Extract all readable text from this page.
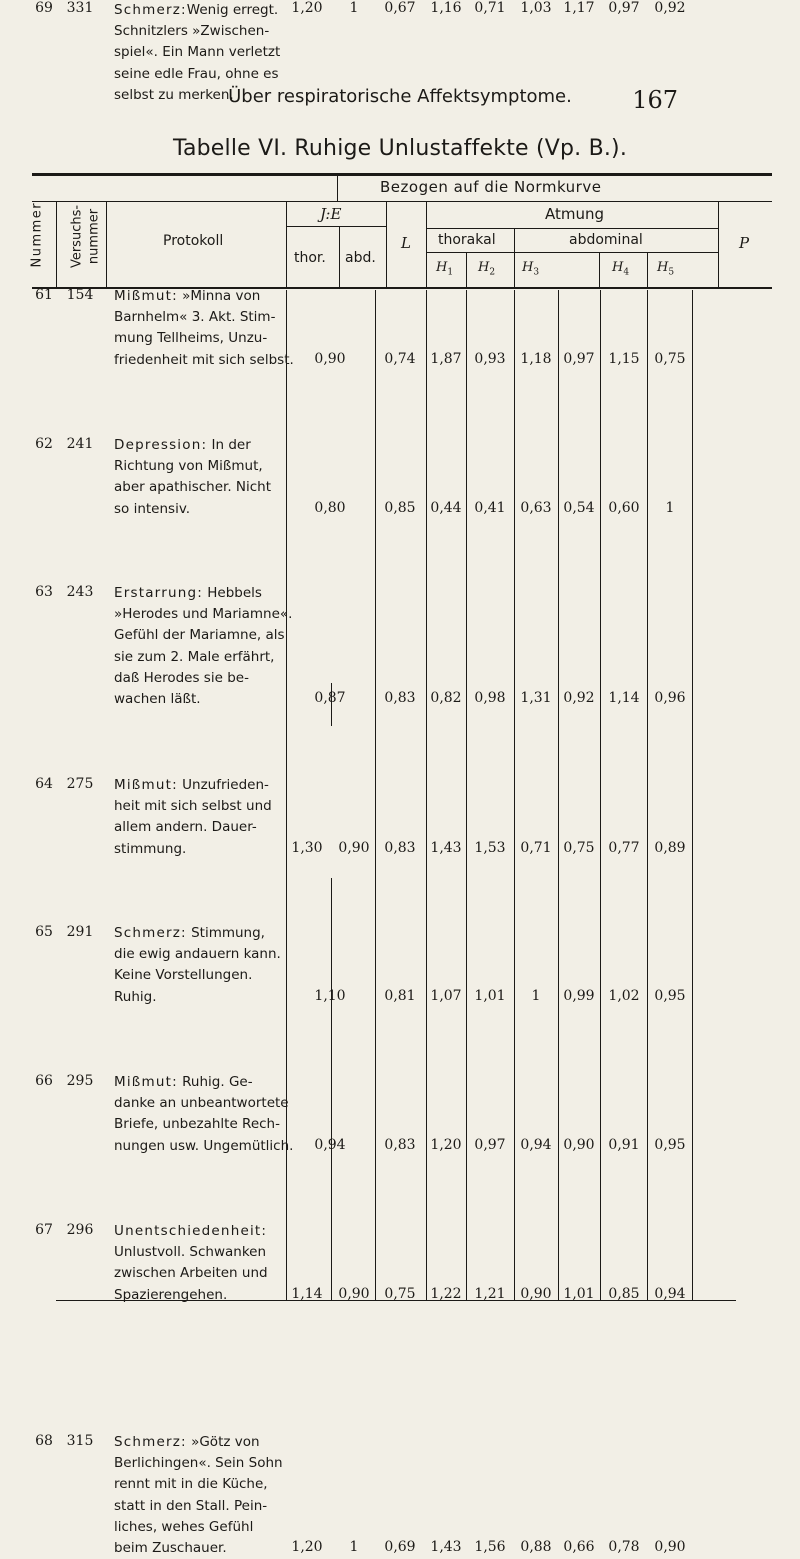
Über respiratorische Affektsymptome.	167
Tabelle VI. Ruhige Unlustaffekte (Vp. B.).
Bezogen auf die Normkurve
Nummer Versuchs- nummer	Protokoll
J:E
thor. abd.
L
Atmung
thorakal	abdominal	P
$H_1$ $H_2$ $H_3$	$H_4$ $H_5$
61 154	Mißmut: »Minna von
Barnhelm« 3. Akt. Stim-
mung Tellheims, Unzu-
friedenheit mit sich selbst.	0,90	0,74	1,87 0,93	1,18 0,97 1,15	0,75
62 241	Depression: In der
Richtung von Mißmut,
aber apathischer. Nicht
so intensiv.	0,80	0,85	0,44 0,41	0,63 0,54 0,60	1
63 243	Erstarrung: Hebbels
»Herodes und Mariamne«.
Gefühl der Mariamne, als
sie zum 2. Male erfährt,
daß Herodes sie be-
wachen läßt.	0,87	0,83	0,82 0,98	1,31 0,92 1,14	0,96
64 275	Mißmut: Unzufrieden-
heit mit sich selbst und
allem andern. Dauer-
stimmung.	1,30	0,90	0,83	1,43 1,53	0,71 0,75 0,77	0,89
65 291	Schmerz: Stimmung,
die ewig andauern kann.
Keine Vorstellungen.
Ruhig.	1,10	0,81	1,07 1,01	1	0,99 1,02	0,95
66 295	Mißmut: Ruhig. Ge-
danke an unbeantwortete
Briefe, unbezahlte Rech-
nungen usw. Ungemütlich.	0,94	0,83	1,20 0,97	0,94 0,90 0,91	0,95
67 296	Unentschiedenheit:
Unlustvoll. Schwanken
zwischen Arbeiten und
Spazierengehen.	1,14	0,90	0,75	1,22 1,21	0,90 1,01 0,85	0,94
68 315	Schmerz: »Götz von
Berlichingen«. Sein Sohn
rennt mit in die Küche,
statt in den Stall. Pein-
liches, wehes Gefühl
beim Zuschauer.	1,20	1	0,69	1,43 1,56	0,88 0,66 0,78	0,90
69 331	Schmerz:Wenig erregt.
Schnitzlers »Zwischen-
spiel«. Ein Mann verletzt
seine edle Frau, ohne es
selbst zu merken.
1,20	1	0,67	1,16 0,71	1,03 1,17 0,97	0,92
